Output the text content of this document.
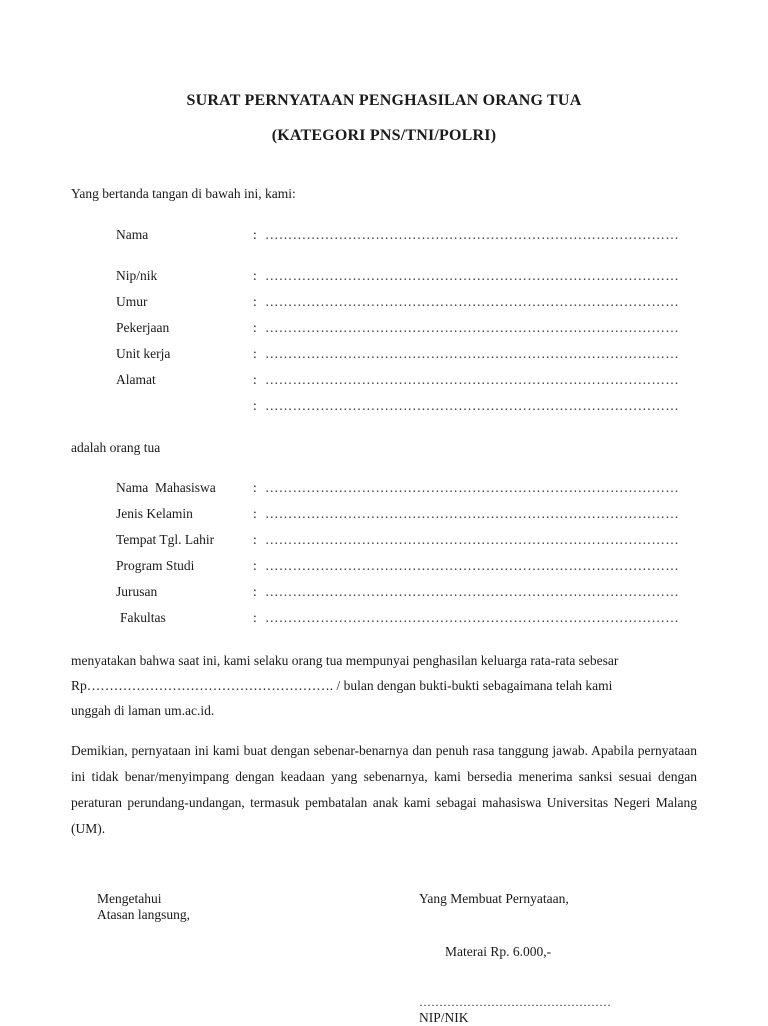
SURAT PERNYATAAN PENGHASILAN ORANG TUA
(KATEGORI PNS/TNI/POLRI)
Yang bertanda tangan di bawah ini, kami:
Nama	: ………………………………………………………………………………
Nip/nik	: ………………………………………………………………………………
Umur	: ………………………………………………………………………………
Pekerjaan	: ………………………………………………………………………………
Unit kerja	: ………………………………………………………………………………
Alamat	: ………………………………………………………………………………
: ………………………………………………………………………………
adalah orang tua
Nama  Mahasiswa	: ………………………………………………………………………………
Jenis Kelamin	: ………………………………………………………………………………
Tempat Tgl. Lahir	: ………………………………………………………………………………
Program Studi	: ………………………………………………………………………………
Jurusan	: ………………………………………………………………………………
Fakultas	: ………………………………………………………………………………
menyatakan bahwa saat ini, kami selaku orang tua mempunyai penghasilan keluarga rata-rata sebesar
Rp………………………………………………. / bulan dengan bukti-bukti sebagaimana telah kami
unggah di laman um.ac.id.

Demikian, pernyataan ini kami buat dengan sebenar-benarnya dan penuh rasa tanggung jawab. Apabila pernyataan ini tidak benar/menyimpang dengan keadaan yang sebenarnya, kami bersedia menerima sanksi sesuai dengan peraturan perundang-undangan, termasuk pembatalan anak kami sebagai mahasiswa Universitas Negeri Malang (UM).

Mengetahui
Atasan langsung,
Yang Membuat Pernyataan,
Materai Rp. 6.000,-
…………………………………………
NIP/NIK
